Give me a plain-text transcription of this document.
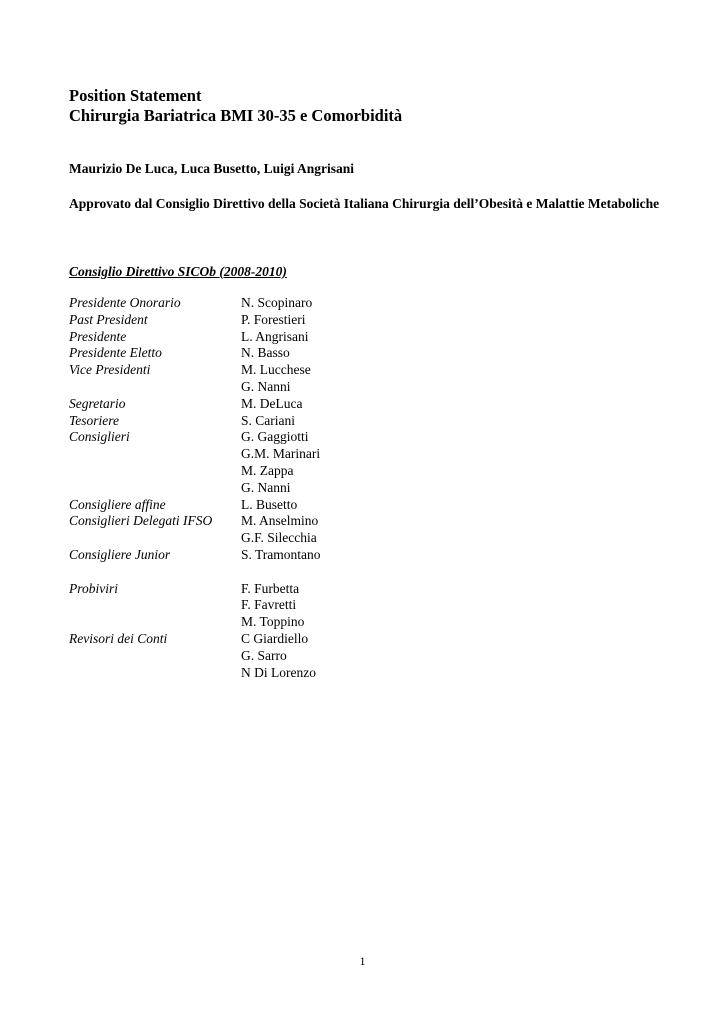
Position Statement
Chirurgia Bariatrica BMI 30-35 e Comorbidità
Maurizio De Luca, Luca Busetto, Luigi Angrisani
Approvato dal Consiglio Direttivo della Società Italiana Chirurgia dell’Obesità e Malattie Metaboliche
Consiglio Direttivo SICOb (2008-2010)
Presidente Onorario	N. Scopinaro
Past President	P. Forestieri
Presidente	L. Angrisani
Presidente Eletto	N. Basso
Vice Presidenti	M. Lucchese
G. Nanni
Segretario	M. DeLuca
Tesoriere	S. Cariani
Consiglieri	G. Gaggiotti
G.M. Marinari
M. Zappa
G. Nanni
Consigliere affine	L. Busetto
Consiglieri Delegati IFSO	M. Anselmino
G.F. Silecchia
Consigliere Junior	S. Tramontano
Probiviri	F. Furbetta
F. Favretti
M. Toppino
Revisori dei Conti	C Giardiello
G. Sarro
N Di Lorenzo
1
